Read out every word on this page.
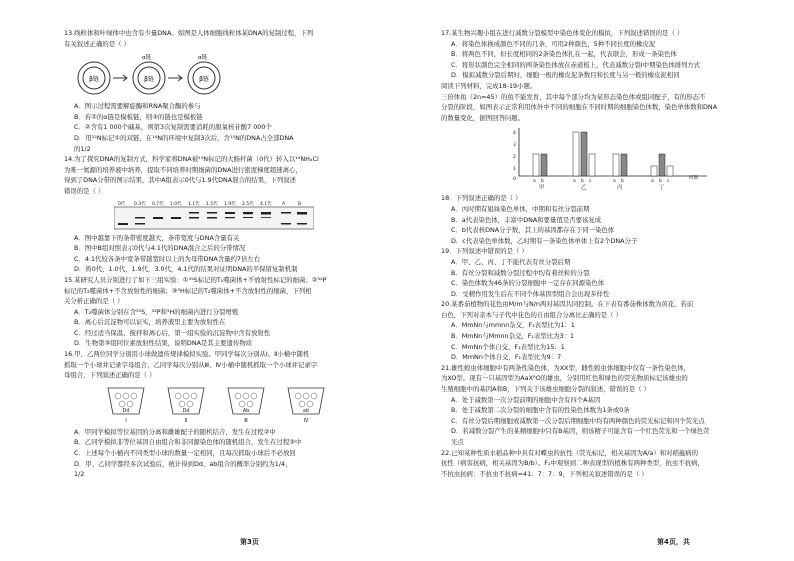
13.线粒体和叶绿体中也含有少量DNA。如图是人体细胞线粒体某DNA的复制过程，下列
有关叙述正确的是（ ）
β链	β链	β链
α链	α链
A．图示过程需要解旋酶和RNA聚合酶的参与
B．若②的α链是模板链，则③的链也是模板链
C．②含有1 000个碱基，则第3次复制需要消耗的脱氧核苷酸7 000个
D．用¹⁵N标记①的双链，在¹⁴N的环境中复制3次后，含¹⁵N的DNA占全部DNA
的1/2
14.为了探究DNA的复制方式，科学家将DNA被¹⁵N标记的大肠杆菌（0代）转入以¹⁴NH₄Cl
为唯一氮源的培养液中培养，提取不同培养时期细菌的DNA进行密度梯度超速离心，
得到了DNA分带的图示结果，其中A组表示0代与1.9代DNA混合的结果，下列叙述
错误的是（ ）
0代 0.3代 0.7代 1.0代 1.1代 1.5代 1.9代 2.5代 4.1代 A	B
A．图中越靠下的条带密度越大，条带宽度与DNA含量有关
B．图中B组对照表示0代与4.1代的DNA混合之后的分带情况
C．4.1代较各条中宽条带越宽时以上的为母带DNA含量约7倍左右
D．将0代，1.0代，1.9代，3.0代，4.1代的结果对证明DNA的半保留复制机制
15.某研究人员分别进行了如下三组实验：①³⁵S标记的T₂噬菌体+不放射性标记的细菌；②³²P
标记的T₂噬菌体+不含放射性的细菌；③³H标记的T₂噬菌体+不含放射性的细菌，下列相
关分析正确的是（ ）
A．T₂噬菌体分别在含³⁵S、³²P和³H的细菌内进行分裂增殖
B．离心后沉淀物可以证实，培养液里主要为放射性在
C．经过适当保温、搅拌和离心后，第一组实验的沉淀物中含有放射性
D．生物第③组同位素放射性结果，说明DNA是其主要遗传物质
16.甲、乙两位同学分别用小球做遗传规律模拟实验。甲同学每次分别从Ⅰ、Ⅱ小桶中随机
抓取一个小球并记录字母组合，乙同学每次分别从Ⅲ、Ⅳ小桶中随机抓取一个小球并记录字
母组合，下列叙述正确的是（ ）
Dd	Dd	Ab	ab
Ⅰ	Ⅱ	Ⅲ	Ⅳ
A．甲同学模拟等位基因的分离和雌雄配子的随机结合，发生在过程②中
B．乙同学模拟非等位基因自由组合和非同源染色体的随机组合，发生在过程③中
C．上述每个小桶内不同类型小球的数量一定相同，且每次抓取小球后不必放回
D．甲、乙同学都经多次试验后，统计得到Dd、ab组合的概率分别约为1/4、
1/2
第3页
17.某生物兴趣小组在进行减数分裂模型中染色体变化的模拟，下列叙述错误的是（ ）
A．将染色体换成颜色不同的几条，可用2种颜色，5种不同长度的橡皮泥
B．将两色不同，但长度相同的2条染色体扎在一起，代表联会，形成一条染色体
C．将形状颜色完全相同的两条染色体放在赤道板上，代表减数分裂Ⅰ中期染色体排列方式
D．模拟减数分裂后期时，细胞一极的橡皮泥条数目和长度与另一极的橡皮泥相同
阅读下列材料，完成18-19小题。
三倍体鱼（2n=45）的鱼不能发育，其中每个部分均为某形态染色体或组同配子，有的形态不
分裂的阶段，如图表示正常利用体外中不同的细胞在不同时期的细胞染色体数，染色单体数和DNA
的数量变化，据图回答问题。
4
3
2
1
0	a b	a b c	a b	a b c
甲	乙	丙	丁
时期
18．下列叙述正确的是（ ）
A．丙时期有姐妹染色单体，中期和有丝分裂前期
B．a代表染色体，丰富中DNA和要量值是否要该复成
C．b代表核DNA分子数，其上的基因都存在于同一染色体
D．c代表染色单体数，乙时期有一条染色体单体上有2个DNA分子
19．下列叙述中错误的是（ ）
A．甲、乙、丙、丁不能代表有丝分裂后期
B．有丝分裂和减数分裂过程中均有着丝粒的分裂
C．染色体数为46条的分裂细胞中一定存在同源染色体
D．受精作用发生后在不同个体基因型组合会出现多样性
20.某番茄植物的花色由M/m与N/n两对基因共同控制。在下表有番茄株体数为黄花，若前
白色，下列对亲本与子代中花色的自由组合分离比正确的是（ ）
A．MmNn与mmnn杂交，F₁表型比为1：1
B．MmNn与Mmnn杂交，F₁表型比为3：1
C．MmNn个体自交，F₁表型比为15：1
D．MmNn个体自交，F₁表型比为9：7
21.雄性蝗虫体细胞中有两条性染色体，为XX型，雌性蝗虫体细胞中仅有一条性染色体，
为XO型。现有一只基因型为AaXᴮO的雄虫，分别用红色和绿色的荧光物质标记该雄虫的
生殖细胞中的基因A和B，下列关于该雄虫细胞分裂的叙述，错误的是（ ）
A．处于减数第一次分裂前期的细胞中含有四个A基因
B．处于减数第二次分裂的细胞中含有的性染色体数为1条或0条
C．有丝分裂后期细胞或减数第一次分裂后期细胞中均有两种颜色的荧光标记和四个荧光点
D．若减数分裂产生的某精细胞中只有B基因，则该精子可能含有一个红色荧光和一个绿色荧
光点
22.已知某种性质水稻品种中具有对蝶虫的抗性（荧光标记，相关基因为A/a）和对稻瘟病的
抗性（病害抗病，相关基因为B/b）。F₁中观察到二种表现型的植株有两种类型，抗虫不抗病，
不抗虫抗病：不抗虫不抗病=41：7：7：9，下列相关叙述错误的是（ ）
第4页，共
